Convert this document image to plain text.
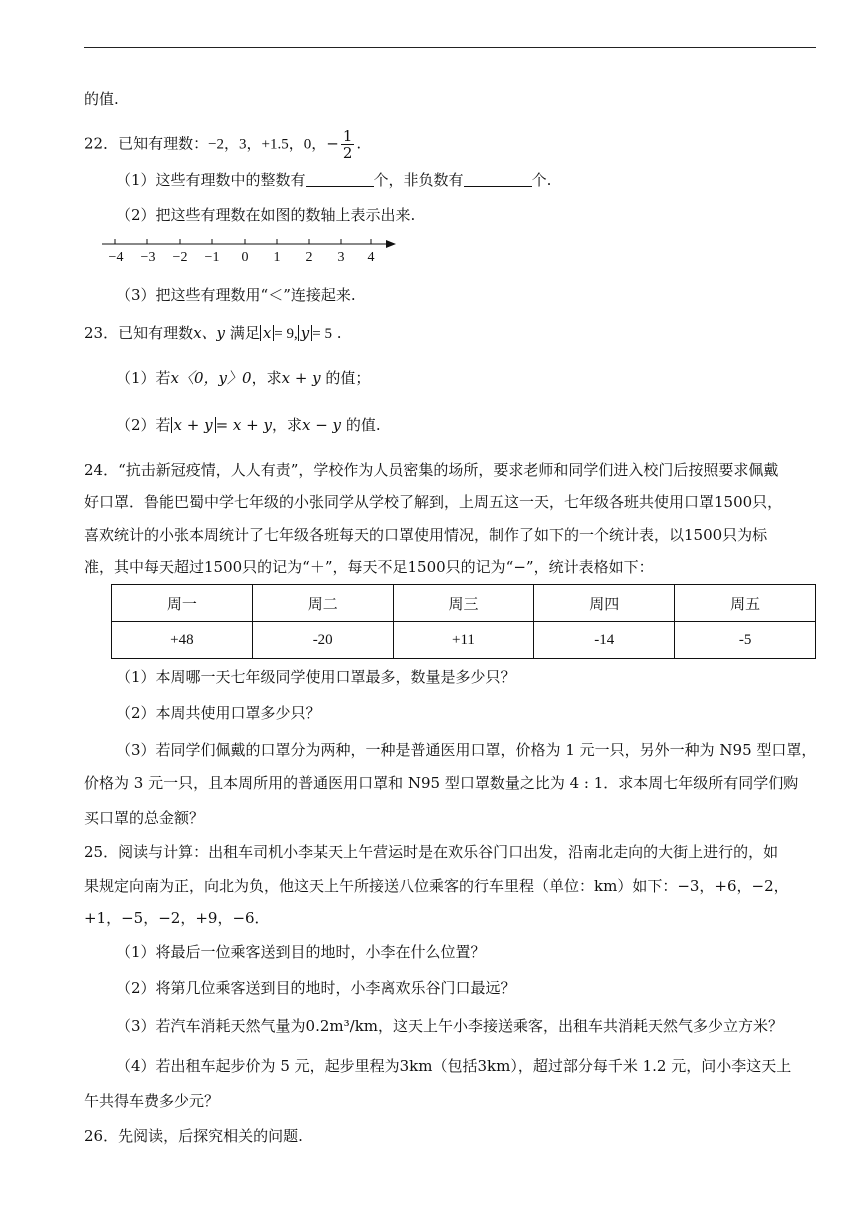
的值.
22．已知有理数：−2，3，+1.5，0，− $\frac{1}{2}$ .
（1）这些有理数中的整数有	个，非负数有	个.
（2）把这些有理数在如图的数轴上表示出来.
−4 −3 −2 −1 0 1 2 3 4
（3）把这些有理数用“＜”连接起来.
23．已知有理数x、y 满足 x = 9, y = 5 .
（1）若x〈0，y〉0，求x + y 的值；
（2）若 x + y = x + y，求x − y 的值.
24．“抗击新冠疫情，人人有责”，学校作为人员密集的场所，要求老师和同学们进入校门后按照要求佩戴
好口罩．鲁能巴蜀中学七年级的小张同学从学校了解到，上周五这一天，七年级各班共使用口罩1500只，
喜欢统计的小张本周统计了七年级各班每天的口罩使用情况，制作了如下的一个统计表，以1500只为标
准，其中每天超过1500只的记为“＋”，每天不足1500只的记为“−”，统计表格如下：
周一	周二	周三	周四	周五
+48	-20	+11	-14	-5
（1）本周哪一天七年级同学使用口罩最多，数量是多少只？
（2）本周共使用口罩多少只？
（3）若同学们佩戴的口罩分为两种，一种是普通医用口罩，价格为 1 元一只，另外一种为 N95 型口罩，
价格为 3 元一只，且本周所用的普通医用口罩和 N95 型口罩数量之比为 4 : 1．求本周七年级所有同学们购
买口罩的总金额？
25．阅读与计算：出租车司机小李某天上午营运时是在欢乐谷门口出发，沿南北走向的大街上进行的，如
果规定向南为正，向北为负，他这天上午所接送八位乘客的行车里程（单位：km）如下：−3，+6，−2，
+1，−5，−2，+9，−6．
（1）将最后一位乘客送到目的地时，小李在什么位置？
（2）将第几位乘客送到目的地时，小李离欢乐谷门口最远？
（3）若汽车消耗天然气量为0.2m³/km，这天上午小李接送乘客，出租车共消耗天然气多少立方米？
（4）若出租车起步价为 5 元，起步里程为3km（包括3km），超过部分每千米 1.2 元，问小李这天上
午共得车费多少元？
26．先阅读，后探究相关的问题.
